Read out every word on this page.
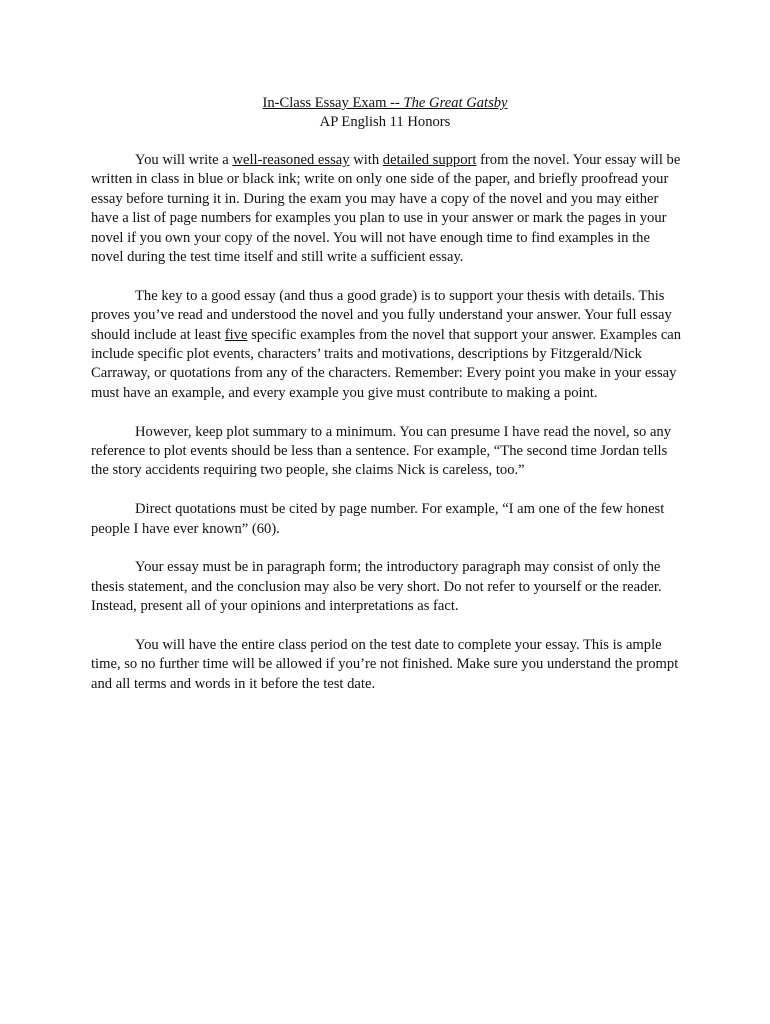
In-Class Essay Exam -- The Great Gatsby
AP English 11 Honors

You will write a well-reasoned essay with detailed support from the novel. Your essay will be written in class in blue or black ink; write on only one side of the paper, and briefly proofread your essay before turning it in. During the exam you may have a copy of the novel and you may either have a list of page numbers for examples you plan to use in your answer or mark the pages in your novel if you own your copy of the novel. You will not have enough time to find examples in the novel during the test time itself and still write a sufficient essay.

The key to a good essay (and thus a good grade) is to support your thesis with details. This proves you’ve read and understood the novel and you fully understand your answer. Your full essay should include at least five specific examples from the novel that support your answer. Examples can include specific plot events, characters’ traits and motivations, descriptions by Fitzgerald/Nick Carraway, or quotations from any of the characters. Remember: Every point you make in your essay must have an example, and every example you give must contribute to making a point.

However, keep plot summary to a minimum. You can presume I have read the novel, so any reference to plot events should be less than a sentence. For example, “The second time Jordan tells the story accidents requiring two people, she claims Nick is careless, too.”

Direct quotations must be cited by page number. For example, “I am one of the few honest people I have ever known” (60).

Your essay must be in paragraph form; the introductory paragraph may consist of only the thesis statement, and the conclusion may also be very short. Do not refer to yourself or the reader. Instead, present all of your opinions and interpretations as fact.

You will have the entire class period on the test date to complete your essay. This is ample time, so no further time will be allowed if you’re not finished. Make sure you understand the prompt and all terms and words in it before the test date.
